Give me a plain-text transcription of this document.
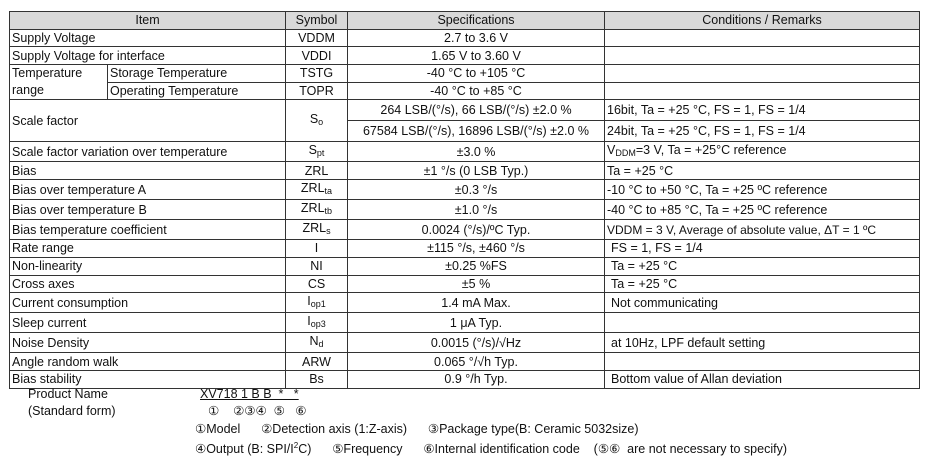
Item		Symbol	Specifications	Conditions / Remarks
Supply Voltage		VDDM	2.7 to 3.6 V	
Supply Voltage for interface		VDDI	1.65 V to 3.60 V	
Temperature
range	Storage Temperature	TSTG	-40 °C to +105 °C	
	Operating Temperature	TOPR	-40 °C to +85 °C	
Scale factor		$S_o$	264 LSB/(°/s), 66 LSB/(°/s) ±2.0 %	16bit, Ta = +25 °C, FS = 1, FS = 1/4
			67584 LSB/(°/s), 16896 LSB/(°/s) ±2.0 %	24bit, Ta = +25 °C, FS = 1, FS = 1/4
Scale factor variation over temperature		$S_{pt}$	±3.0 %	$V_{DDM}=3$ V, Ta = +25°C reference
Bias		ZRL	±1 °/s (0 LSB Typ.)	Ta = +25 °C
Bias over temperature A		$ZRL_{ta}$	±0.3 °/s	-10 °C to +50 °C, Ta = +25 ºC reference
Bias over temperature B		$ZRL_{tb}$	±1.0 °/s	-40 °C to +85 °C, Ta = +25 ºC reference
Bias temperature coefficient		$ZRL_s$	0.0024 (°/s)/ºC Typ.	VDDM = 3 V, Average of absolute value, ΔT = 1 ºC
Rate range		I	±115 °/s, ±460 °/s	FS = 1, FS = 1/4
Non-linearity		NI	±0.25 %FS	Ta = +25 °C
Cross axes		CS	±5 %	Ta = +25 °C
Current consumption		$I_{op1}$	1.4 mA Max.	Not communicating
Sleep current		$I_{op3}$	1 μA Typ.	
Noise Density		$N_d$	0.0015 (°/s)/√Hz	at 10Hz, LPF default setting
Angle random walk		ARW	0.065 °/√h Typ.	
Bias stability		Bs	0.9 °/h Typ.	Bottom value of Allan deviation
Product Name
(Standard form)
XV718 1 B B  *   *
①    ②③④  ⑤   ⑥
①Model      ②Detection axis (1:Z-axis)      ③Package type(B: Ceramic 5032size)
④Output (B: SPI/$I^2C$)      ⑤Frequency      ⑥Internal identification code    (⑤⑥  are not necessary to specify)
